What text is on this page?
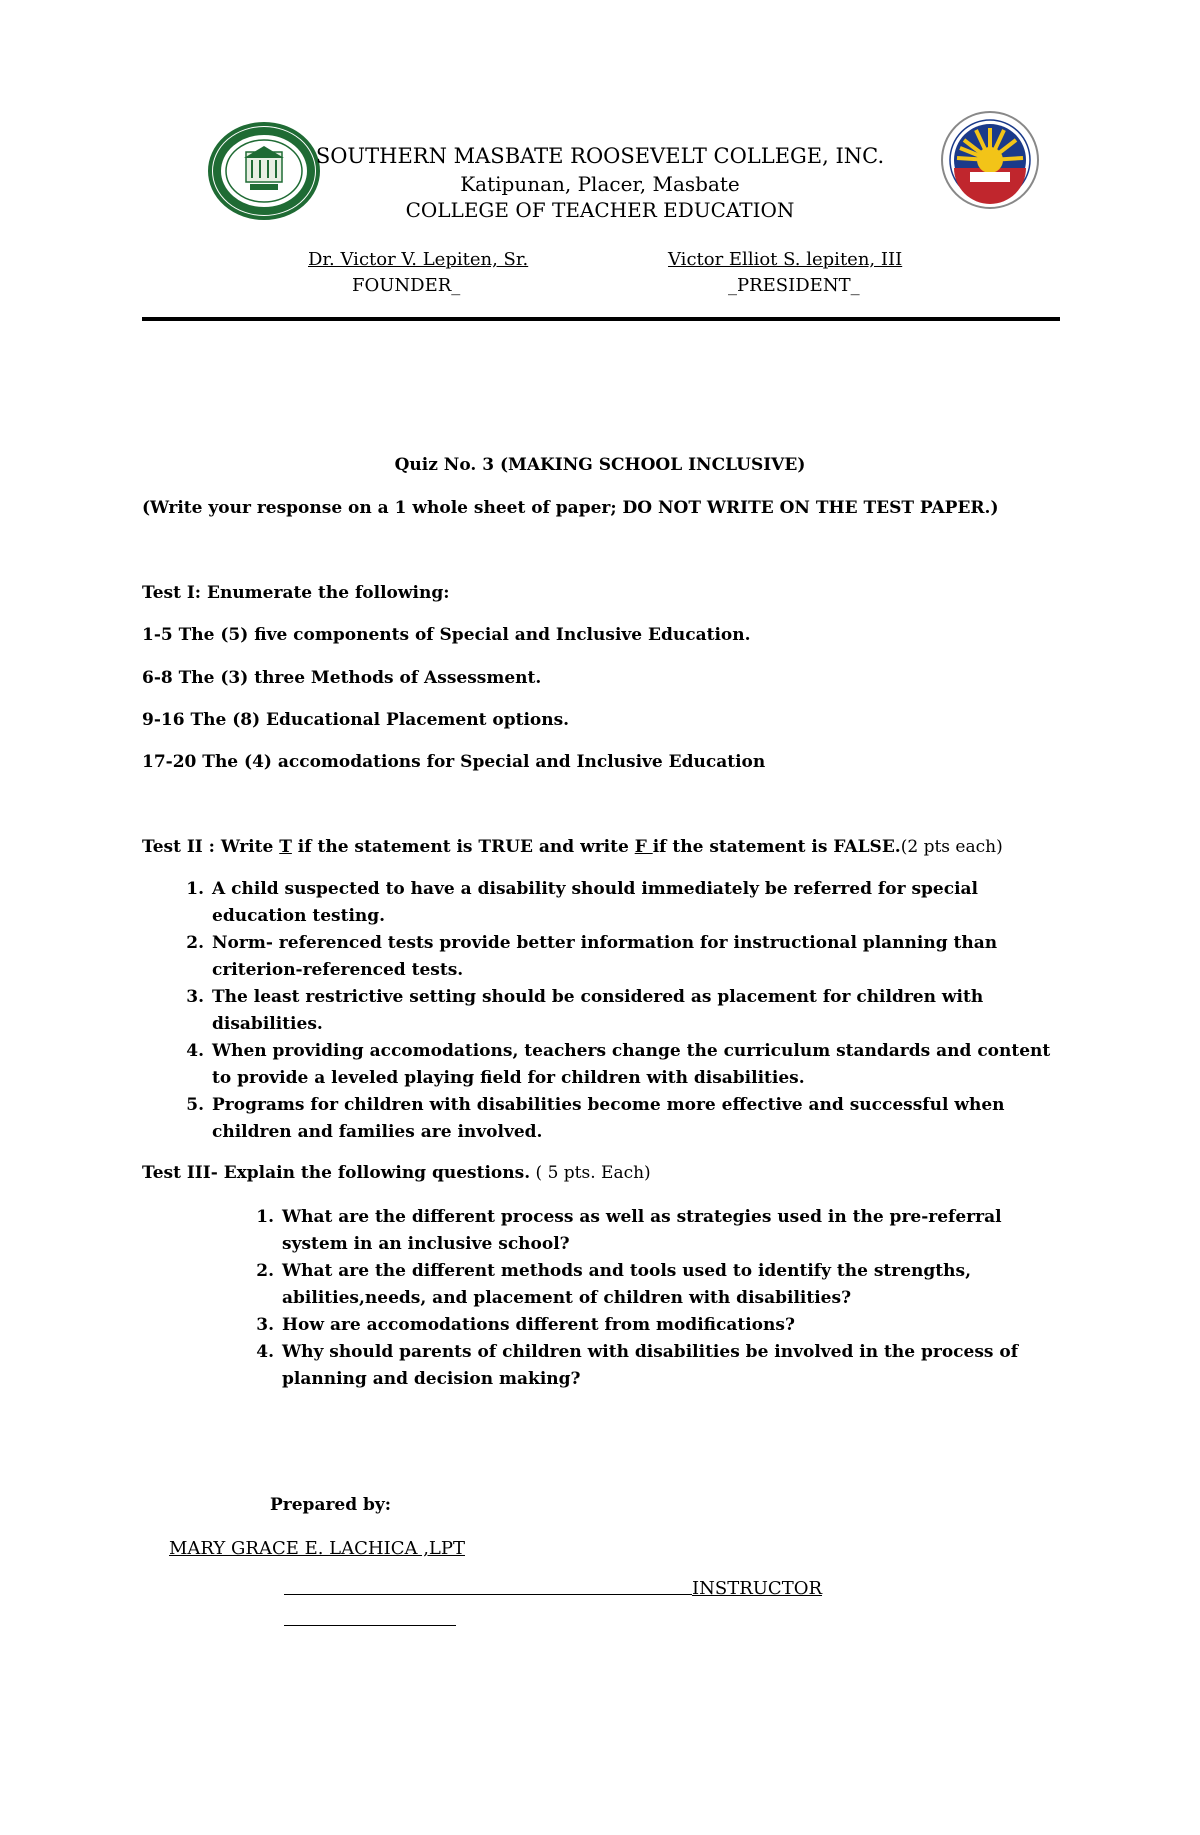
SOUTHERN MASBATE ROOSEVELT COLLEGE, INC.
Katipunan, Placer, Masbate
COLLEGE OF TEACHER EDUCATION
Dr. Victor V. Lepiten, Sr.
FOUNDER_
Victor Elliot S. lepiten, III
_PRESIDENT_
Quiz No. 3 (MAKING SCHOOL INCLUSIVE)
(Write your response on a 1 whole sheet of paper; DO NOT WRITE ON THE TEST PAPER.)
Test I: Enumerate the following:
1-5 The (5) five components of Special and Inclusive Education.
6-8 The (3) three Methods of Assessment.
9-16 The (8) Educational Placement options.
17-20 The (4) accomodations for Special and Inclusive Education
Test II : Write T if the statement is TRUE and write F if the statement is FALSE.(2 pts each)
1. A child suspected to have a disability should immediately be referred for special education testing.
2. Norm- referenced tests provide better information for instructional planning than criterion-referenced tests.
3. The least restrictive setting should be considered as placement for children with disabilities.
4. When providing accomodations, teachers change the curriculum standards and content to provide a leveled playing field for children with disabilities.
5. Programs for children with disabilities become more effective and successful when children and families are involved.
Test III- Explain the following questions. ( 5 pts. Each)
1. What are the different process as well as strategies used in the pre-referral system in an inclusive school?
2. What are the different methods and tools used to identify the strengths, abilities,needs, and placement of children with disabilities?
3. How are accomodations different from modifications?
4. Why should parents of children with disabilities be involved in the process of planning and decision making?
Prepared by:
MARY GRACE E. LACHICA ,LPT
INSTRUCTOR
